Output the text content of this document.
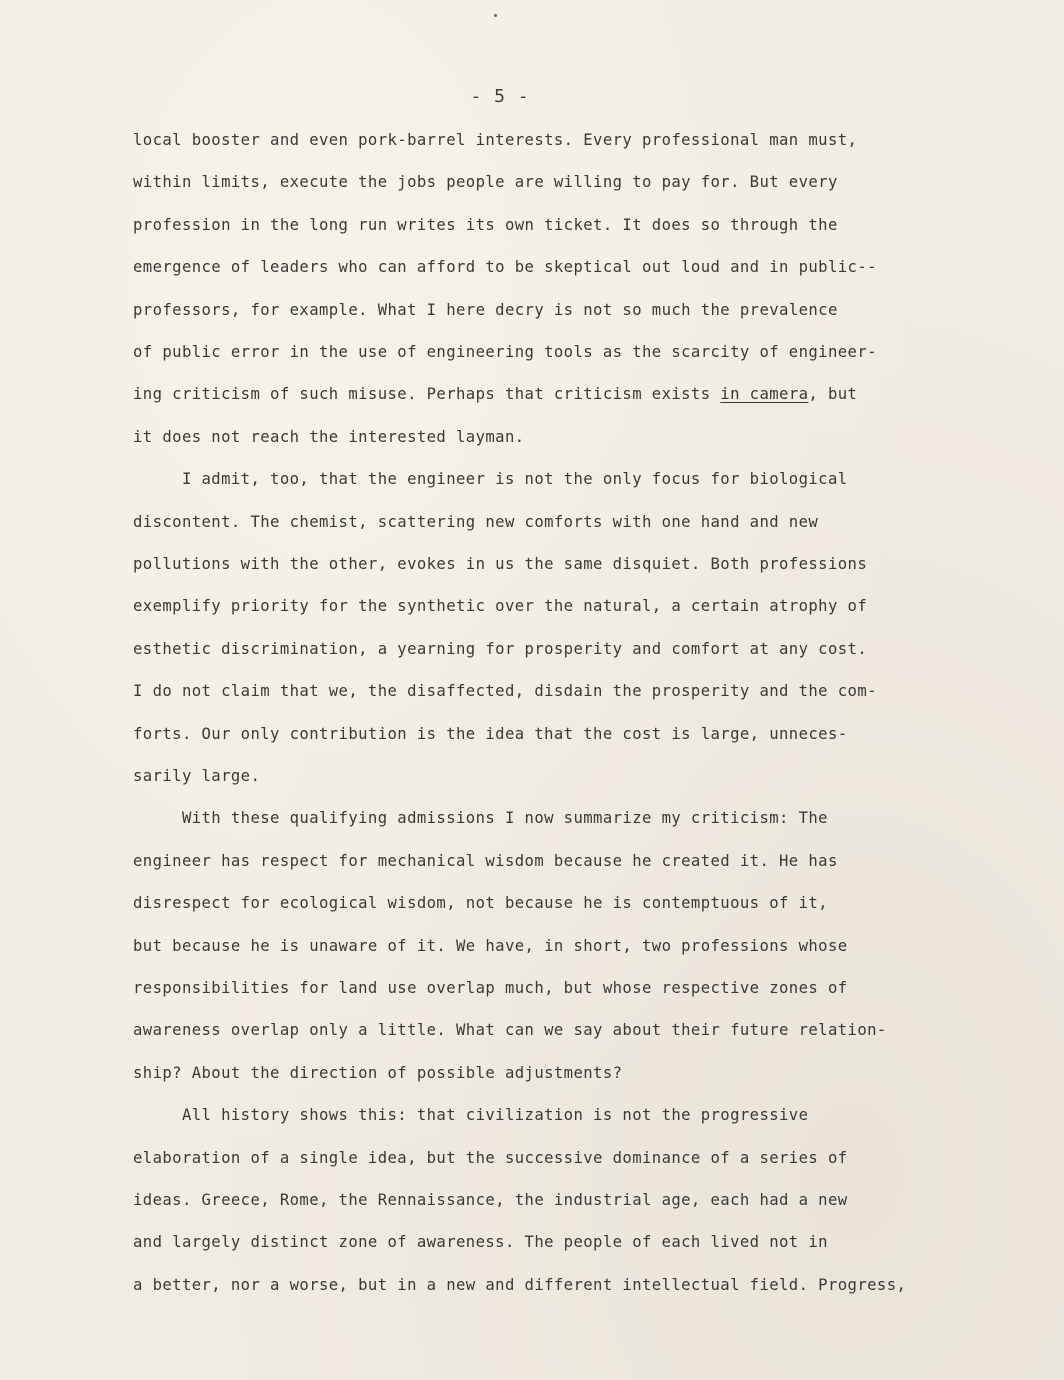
- 5 -
local booster and even pork-barrel interests. Every professional man must,
within limits, execute the jobs people are willing to pay for. But every
profession in the long run writes its own ticket. It does so through the
emergence of leaders who can afford to be skeptical out loud and in public--
professors, for example. What I here decry is not so much the prevalence
of public error in the use of engineering tools as the scarcity of engineer-
ing criticism of such misuse. Perhaps that criticism exists in camera, but
it does not reach the interested layman.
I admit, too, that the engineer is not the only focus for biological
discontent. The chemist, scattering new comforts with one hand and new
pollutions with the other, evokes in us the same disquiet. Both professions
exemplify priority for the synthetic over the natural, a certain atrophy of
esthetic discrimination, a yearning for prosperity and comfort at any cost.
I do not claim that we, the disaffected, disdain the prosperity and the com-
forts. Our only contribution is the idea that the cost is large, unneces-
sarily large.
With these qualifying admissions I now summarize my criticism: The
engineer has respect for mechanical wisdom because he created it. He has
disrespect for ecological wisdom, not because he is contemptuous of it,
but because he is unaware of it. We have, in short, two professions whose
responsibilities for land use overlap much, but whose respective zones of
awareness overlap only a little. What can we say about their future relation-
ship? About the direction of possible adjustments?
All history shows this: that civilization is not the progressive
elaboration of a single idea, but the successive dominance of a series of
ideas. Greece, Rome, the Rennaissance, the industrial age, each had a new
and largely distinct zone of awareness. The people of each lived not in
a better, nor a worse, but in a new and different intellectual field. Progress,
